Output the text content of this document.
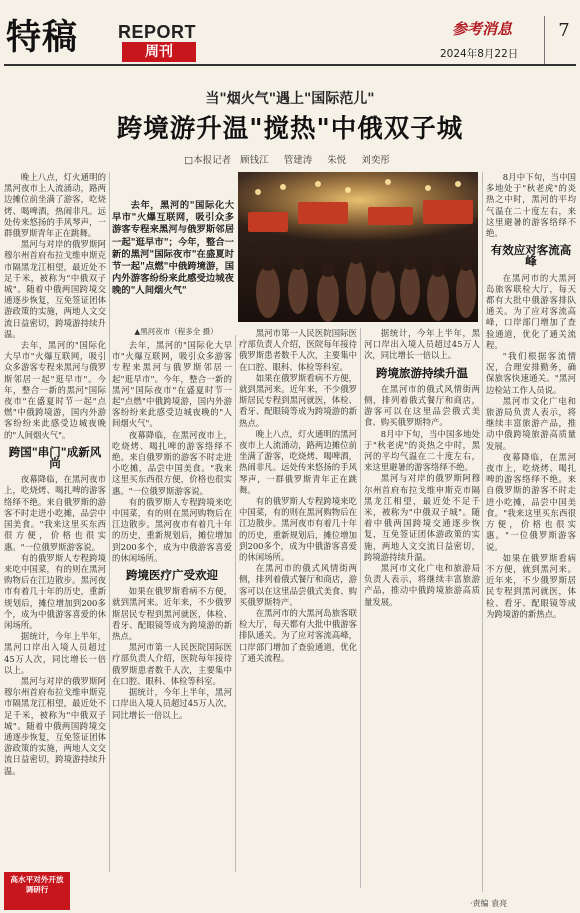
特稿 REPORT
周刊
参考消息
2024年8月22日
7
当"烟火气"遇上"国际范儿"
跨境游升温"搅热"中俄双子城
□本报记者 顾钱江 管建涛 朱悦 刘奕彤

晚上八点，灯火通明的黑河夜市上人流涌动，路两边摊位前坐满了游客，吃烧烤、喝啤酒，热闹非凡。远处传来悠扬的手风琴声，一群俄罗斯青年正在跳舞。

黑河与对岸的俄罗斯阿穆尔州首府布拉戈维申斯克市隔黑龙江相望，最近处不足千米，被称为"中俄双子城"。随着中俄两国跨境交通逐步恢复，互免签证团体游政策的实施，两地人文交流日益密切，跨境游持续升温。

去年，黑河的"国际化大早市"火爆互联网，吸引众多游客专程来黑河与俄罗斯邻居一起"逛早市"。今年，整合一新的黑河"国际夜市"在盛夏时节一起"点燃"中俄跨境游，国内外游客纷纷来此感受边城夜晚的"人间烟火气"。

跨国"串门"成新风尚

夜幕降临，在黑河夜市上，吃烧烤、喝扎啤的游客络绎不绝。来自俄罗斯的游客不时走进小吃摊，品尝中国美食。"我来这里买东西很方便，价格也很实惠。"一位俄罗斯游客说。

有的俄罗斯人专程跨境来吃中国菜，有的则在黑河购物后在江边散步。黑河夜市有着几十年的历史，重新规划后，摊位增加到200多个，成为中俄游客喜爱的休闲场所。

据统计，今年上半年，黑河口岸出入境人员超过45万人次，同比增长一倍以上。

黑河与对岸的俄罗斯阿穆尔州首府布拉戈维申斯克市隔黑龙江相望，最近处不足千米，被称为"中俄双子城"。随着中俄两国跨境交通逐步恢复，互免签证团体游政策的实施，两地人文交流日益密切，跨境游持续升温。

去年，黑河的"国际化大早市"火爆互联网，吸引众多游客专程来黑河与俄罗斯邻居一起"逛早市"；今年，整合一新的黑河"国际夜市"在盛夏时节一起"点燃"中俄跨境游，国内外游客纷纷来此感受边城夜晚的"人间烟火气"

▲黑河夜市（程多全 摄）

去年，黑河的"国际化大早市"火爆互联网，吸引众多游客专程来黑河与俄罗斯邻居一起"逛早市"。今年，整合一新的黑河"国际夜市"在盛夏时节一起"点燃"中俄跨境游，国内外游客纷纷来此感受边城夜晚的"人间烟火气"。

夜幕降临，在黑河夜市上，吃烧烤、喝扎啤的游客络绎不绝。来自俄罗斯的游客不时走进小吃摊，品尝中国美食。"我来这里买东西很方便，价格也很实惠。"一位俄罗斯游客说。

有的俄罗斯人专程跨境来吃中国菜，有的则在黑河购物后在江边散步。黑河夜市有着几十年的历史，重新规划后，摊位增加到200多个，成为中俄游客喜爱的休闲场所。

跨境医疗广受欢迎

如果在俄罗斯看病不方便，就到黑河来。近年来，不少俄罗斯居民专程到黑河就医，体检、看牙、配眼镜等成为跨境游的新热点。

黑河市第一人民医院国际医疗部负责人介绍，医院每年接待俄罗斯患者数千人次，主要集中在口腔、眼科、体检等科室。

据统计，今年上半年，黑河口岸出入境人员超过45万人次，同比增长一倍以上。

黑河市第一人民医院国际医疗部负责人介绍，医院每年接待俄罗斯患者数千人次，主要集中在口腔、眼科、体检等科室。

如果在俄罗斯看病不方便，就到黑河来。近年来，不少俄罗斯居民专程到黑河就医，体检、看牙、配眼镜等成为跨境游的新热点。

晚上八点，灯火通明的黑河夜市上人流涌动，路两边摊位前坐满了游客，吃烧烤、喝啤酒，热闹非凡。远处传来悠扬的手风琴声，一群俄罗斯青年正在跳舞。

有的俄罗斯人专程跨境来吃中国菜，有的则在黑河购物后在江边散步。黑河夜市有着几十年的历史，重新规划后，摊位增加到200多个，成为中俄游客喜爱的休闲场所。

在黑河市的俄式风情街两侧，排列着俄式餐厅和商店，游客可以在这里品尝俄式美食、购买俄罗斯特产。

在黑河市的大黑河岛旅客联检大厅，每天都有大批中俄游客排队通关。为了应对客流高峰，口岸部门增加了查验通道，优化了通关流程。

据统计，今年上半年，黑河口岸出入境人员超过45万人次，同比增长一倍以上。

跨境旅游持续升温

在黑河市的俄式风情街两侧，排列着俄式餐厅和商店，游客可以在这里品尝俄式美食、购买俄罗斯特产。

8月中下旬，当中国多地处于"秋老虎"的炎热之中时，黑河的平均气温在二十度左右，来这里避暑的游客络绎不绝。

黑河与对岸的俄罗斯阿穆尔州首府布拉戈维申斯克市隔黑龙江相望，最近处不足千米，被称为"中俄双子城"。随着中俄两国跨境交通逐步恢复，互免签证团体游政策的实施，两地人文交流日益密切，跨境游持续升温。

黑河市文化广电和旅游局负责人表示，将继续丰富旅游产品，推动中俄跨境旅游高质量发展。

8月中下旬，当中国多地处于"秋老虎"的炎热之中时，黑河的平均气温在二十度左右，来这里避暑的游客络绎不绝。

有效应对客流高峰

在黑河市的大黑河岛旅客联检大厅，每天都有大批中俄游客排队通关。为了应对客流高峰，口岸部门增加了查验通道，优化了通关流程。

"我们根据客流情况，合理安排勤务，确保旅客快速通关。"黑河边检站工作人员说。

黑河市文化广电和旅游局负责人表示，将继续丰富旅游产品，推动中俄跨境旅游高质量发展。

夜幕降临，在黑河夜市上，吃烧烤、喝扎啤的游客络绎不绝。来自俄罗斯的游客不时走进小吃摊，品尝中国美食。"我来这里买东西很方便，价格也很实惠。"一位俄罗斯游客说。

如果在俄罗斯看病不方便，就到黑河来。近年来，不少俄罗斯居民专程到黑河就医，体检、看牙、配眼镜等成为跨境游的新热点。

高水平对外开放调研行
·责编 袁亮
